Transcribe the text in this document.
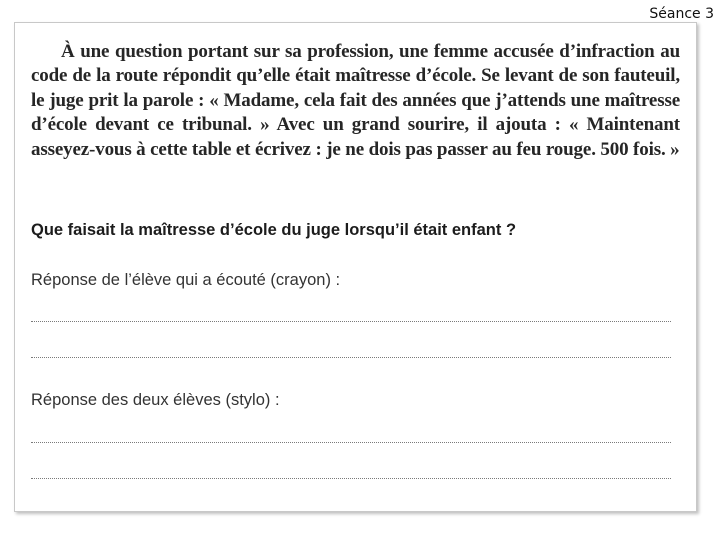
Séance 3

À une question portant sur sa profession, une femme accusée d’infraction au code de la route répondit qu’elle était maîtresse d’école. Se levant de son fauteuil, le juge prit la parole : « Madame, cela fait des années que j’attends une maîtresse d’école devant ce tribunal. » Avec un grand sourire, il ajouta : « Maintenant asseyez-vous à cette table et écrivez : je ne dois pas passer au feu rouge. 500 fois. »

Que faisait la maîtresse d’école du juge lorsqu’il était enfant ?

Réponse de l’élève qui a écouté (crayon) :

Réponse des deux élèves (stylo) :
